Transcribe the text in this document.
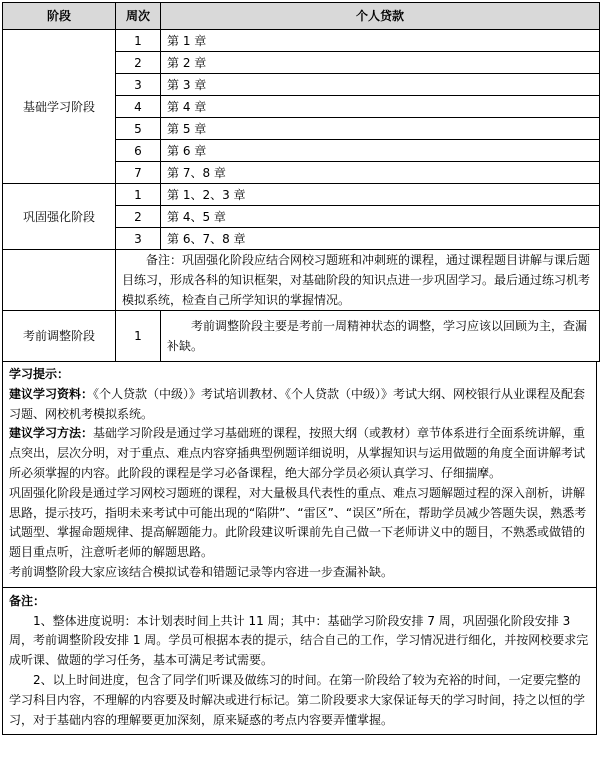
阶段	周次	个人贷款
基础学习阶段	1	第 1 章
	2	第 2 章
	3	第 3 章
	4	第 4 章
	5	第 5 章
	6	第 6 章
	7	第 7、8 章
巩固强化阶段	1	第 1、2、3 章
	2	第 4、5 章
	3	第 6、7、8 章
	备注：巩固强化阶段应结合网校习题班和冲刺班的课程，通过课程题目讲解与课后题目练习，形成各科的知识框架，对基础阶段的知识点进一步巩固学习。最后通过练习机考模拟系统，检查自己所学知识的掌握情况。	
考前调整阶段	1	考前调整阶段主要是考前一周精神状态的调整，学习应该以回顾为主，查漏补缺。

学习提示：

建议学习资料：《个人贷款（中级）》考试培训教材、《个人贷款（中级）》考试大纲、网校银行从业课程及配套习题、网校机考模拟系统。

建议学习方法：基础学习阶段是通过学习基础班的课程，按照大纲（或教材）章节体系进行全面系统讲解，重点突出，层次分明，对于重点、难点内容穿插典型例题详细说明，从掌握知识与运用做题的角度全面讲解考试所必须掌握的内容。此阶段的课程是学习必备课程，绝大部分学员必须认真学习、仔细揣摩。

巩固强化阶段是通过学习网校习题班的课程，对大量极具代表性的重点、难点习题解题过程的深入剖析，讲解思路，提示技巧，指明未来考试中可能出现的“陷阱”、“雷区”、“误区”所在，帮助学员减少答题失误，熟悉考试题型、掌握命题规律、提高解题能力。此阶段建议听课前先自己做一下老师讲义中的题目，不熟悉或做错的题目重点听，注意听老师的解题思路。

考前调整阶段大家应该结合模拟试卷和错题记录等内容进一步查漏补缺。

备注：

1、整体进度说明：本计划表时间上共计 11 周；其中：基础学习阶段安排 7 周，巩固强化阶段安排 3 周，考前调整阶段安排 1 周。学员可根据本表的提示，结合自己的工作，学习情况进行细化，并按网校要求完成听课、做题的学习任务，基本可满足考试需要。

2、以上时间进度，包含了同学们听课及做练习的时间。在第一阶段给了较为充裕的时间，一定要完整的学习科目内容，不理解的内容要及时解决或进行标记。第二阶段要求大家保证每天的学习时间，持之以恒的学习，对于基础内容的理解要更加深刻，原来疑惑的考点内容要弄懂掌握。
